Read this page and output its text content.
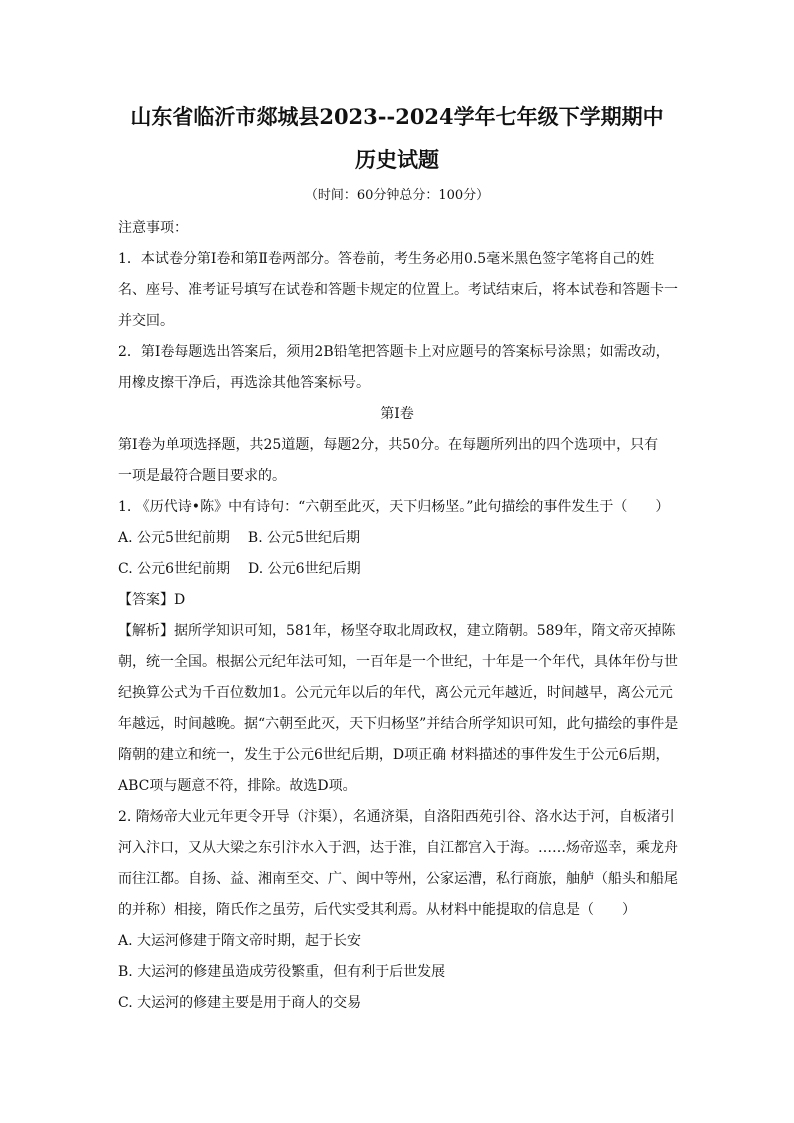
山东省临沂市郯城县2023--2024学年七年级下学期期中
历史试题
（时间：60分钟总分：100分）
注意事项：
1．本试卷分第Ⅰ卷和第Ⅱ卷两部分。答卷前，考生务必用0.5毫米黑色签字笔将自己的姓
名、座号、准考证号填写在试卷和答题卡规定的位置上。考试结束后，将本试卷和答题卡一
并交回。
2．第Ⅰ卷每题选出答案后，须用2B铅笔把答题卡上对应题号的答案标号涂黑；如需改动，
用橡皮擦干净后，再选涂其他答案标号。
第Ⅰ卷
第Ⅰ卷为单项选择题，共25道题，每题2分，共50分。在每题所列出的四个选项中，只有
一项是最符合题目要求的。
1. 《历代诗•陈》中有诗句：“六朝至此灭，天下归杨坚。”此句描绘的事件发生于（　　）
A. 公元5世纪前期 B. 公元5世纪后期
C. 公元6世纪前期 D. 公元6世纪后期
【答案】D
【解析】据所学知识可知，581年，杨坚夺取北周政权，建立隋朝。589年，隋文帝灭掉陈
朝，统一全国。根据公元纪年法可知，一百年是一个世纪，十年是一个年代，具体年份与世
纪换算公式为千百位数加1。公元元年以后的年代，离公元元年越近，时间越早，离公元元
年越远，时间越晚。据“六朝至此灭，天下归杨坚”并结合所学知识可知，此句描绘的事件是
隋朝的建立和统一，发生于公元6世纪后期，D项正确 材料描述的事件发生于公元6后期，
ABC项与题意不符，排除。故选D项。
2. 隋炀帝大业元年更令开导（汴渠），名通济渠，自洛阳西苑引谷、洛水达于河，自板渚引
河入汴口，又从大梁之东引汴水入于泗，达于淮，自江都宫入于海。……炀帝巡幸，乘龙舟
而往江都。自扬、益、湘南至交、广、闽中等州，公家运漕，私行商旅，舳舻（船头和船尾
的并称）相接，隋氏作之虽劳，后代实受其利焉。从材料中能提取的信息是（　　）
A. 大运河修建于隋文帝时期，起于长安
B. 大运河的修建虽造成劳役繁重，但有利于后世发展
C. 大运河的修建主要是用于商人的交易
